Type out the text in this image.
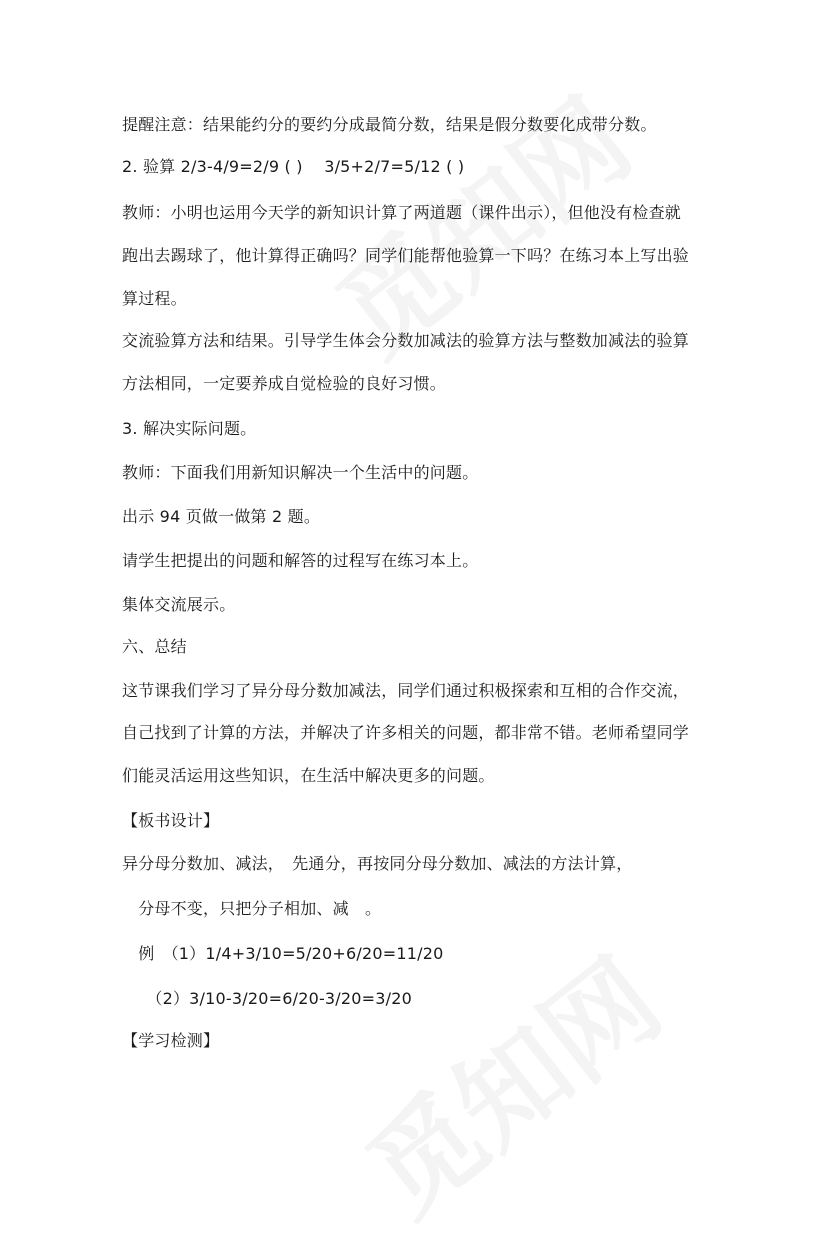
提醒注意：结果能约分的要约分成最简分数，结果是假分数要化成带分数。
2. 验算 2/3-4/9=2/9 ( )　 3/5+2/7=5/12 ( )
教师：小明也运用今天学的新知识计算了两道题（课件出示），但他没有检查就
跑出去踢球了，他计算得正确吗？同学们能帮他验算一下吗？在练习本上写出验
算过程。
交流验算方法和结果。引导学生体会分数加减法的验算方法与整数加减法的验算
方法相同，一定要养成自觉检验的良好习惯。
3. 解决实际问题。
教师：下面我们用新知识解决一个生活中的问题。
出示 94 页做一做第 2 题。
请学生把提出的问题和解答的过程写在练习本上。
集体交流展示。
六、总结
这节课我们学习了异分母分数加减法，同学们通过积极探索和互相的合作交流，
自己找到了计算的方法，并解决了许多相关的问题，都非常不错。老师希望同学
们能灵活运用这些知识，在生活中解决更多的问题。
【板书设计】
异分母分数加、减法，　先通分，再按同分母分数加、减法的方法计算，
　分母不变，只把分子相加、减　。
　例　（1）1/4+3/10=5/20+6/20=11/20
　　（2）3/10-3/20=6/20-3/20=3/20
【学习检测】
